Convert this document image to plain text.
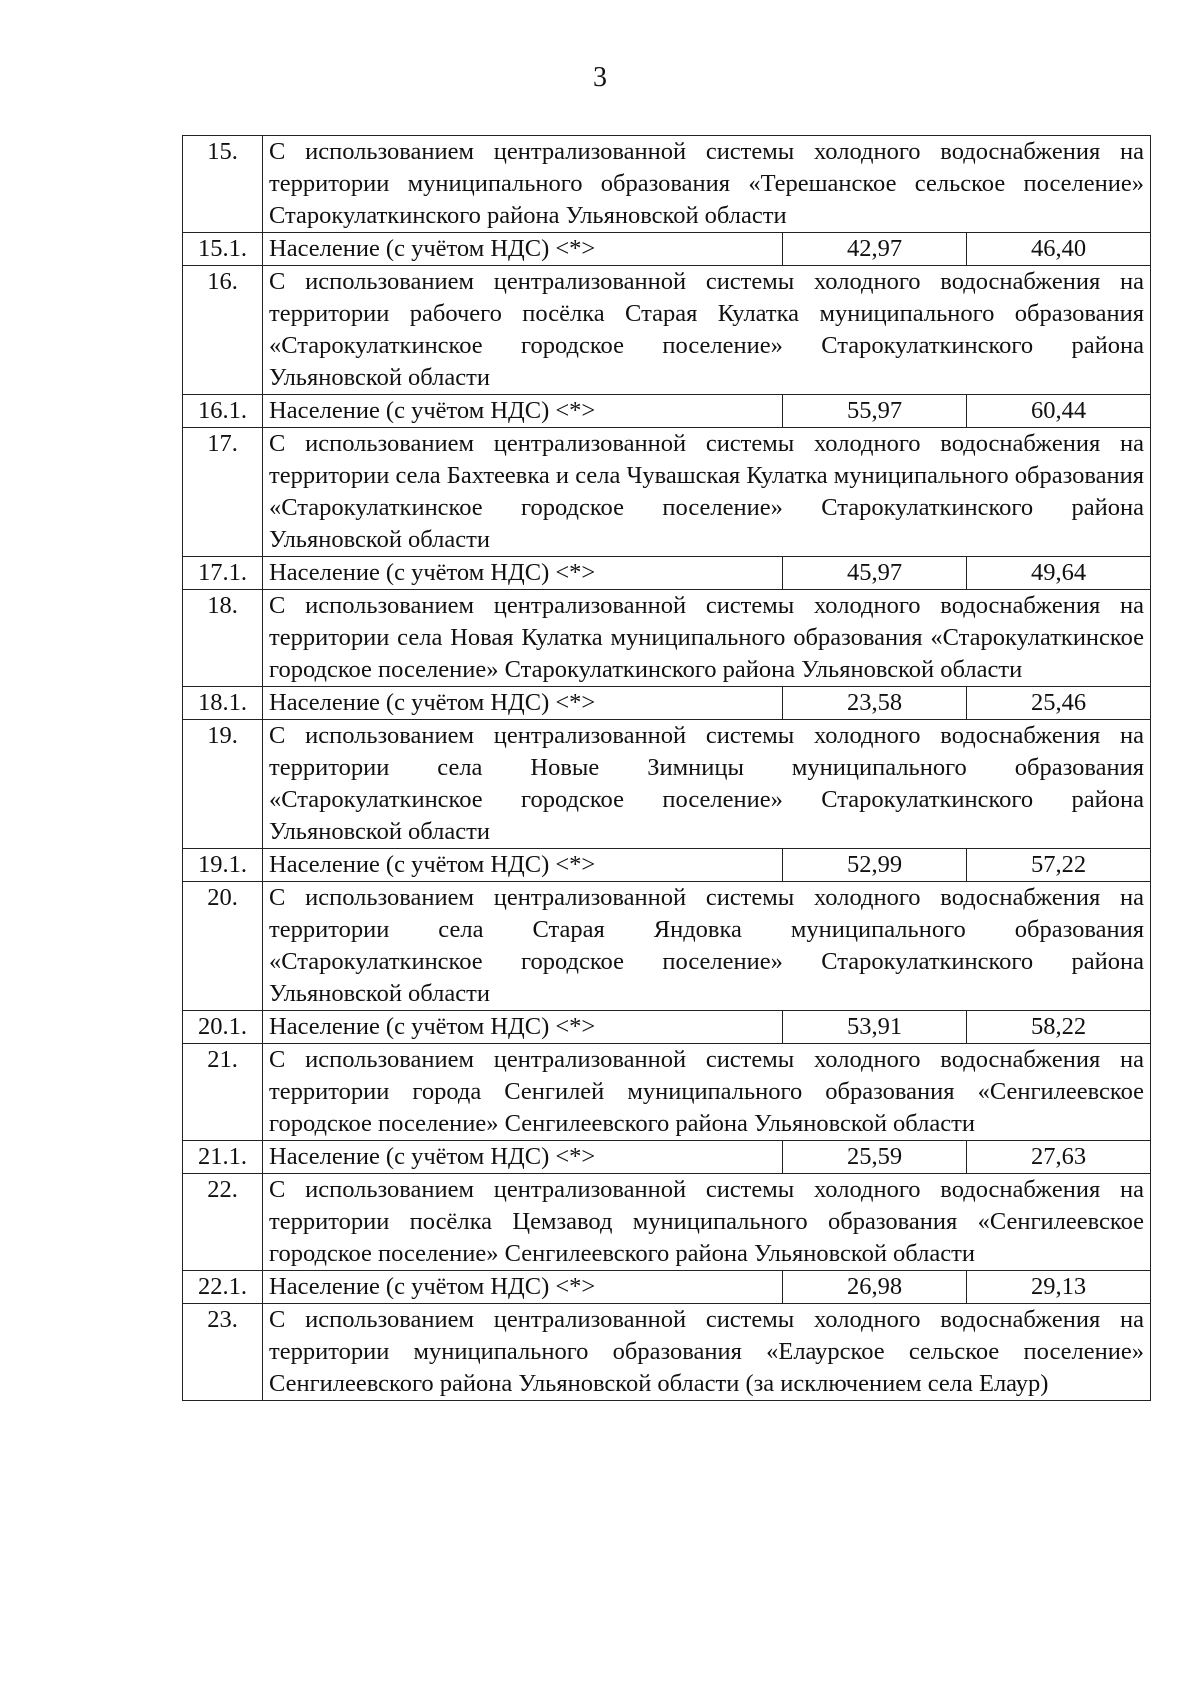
3
15.	С использованием централизованной системы холодного водоснабжения на территории муниципального образования «Терешанское сельское поселение» Старокулаткинского района Ульяновской области		
15.1.	Население (с учётом НДС) <*>	42,97	46,40
16.	С использованием централизованной системы холодного водоснабжения на территории рабочего посёлка Старая Кулатка муниципального образования «Старокулаткинское городское поселение» Старокулаткинского района Ульяновской области		
16.1.	Население (с учётом НДС) <*>	55,97	60,44
17.	С использованием централизованной системы холодного водоснабжения на территории села Бахтеевка и села Чувашская Кулатка муниципального образования «Старокулаткинское городское поселение» Старокулаткинского района Ульяновской области		
17.1.	Население (с учётом НДС) <*>	45,97	49,64
18.	С использованием централизованной системы холодного водоснабжения на территории села Новая Кулатка муниципального образования «Старокулаткинское городское поселение» Старокулаткинского района Ульяновской области		
18.1.	Население (с учётом НДС) <*>	23,58	25,46
19.	С использованием централизованной системы холодного водоснабжения на территории села Новые Зимницы муниципального образования «Старокулаткинское городское поселение» Старокулаткинского района Ульяновской области		
19.1.	Население (с учётом НДС) <*>	52,99	57,22
20.	С использованием централизованной системы холодного водоснабжения на территории села Старая Яндовка муниципального образования «Старокулаткинское городское поселение» Старокулаткинского района Ульяновской области		
20.1.	Население (с учётом НДС) <*>	53,91	58,22
21.	С использованием централизованной системы холодного водоснабжения на территории города Сенгилей муниципального образования «Сенгилеевское городское поселение» Сенгилеевского района Ульяновской области		
21.1.	Население (с учётом НДС) <*>	25,59	27,63
22.	С использованием централизованной системы холодного водоснабжения на территории посёлка Цемзавод муниципального образования «Сенгилеевское городское поселение» Сенгилеевского района Ульяновской области		
22.1.	Население (с учётом НДС) <*>	26,98	29,13
23.	С использованием централизованной системы холодного водоснабжения на территории муниципального образования «Елаурское сельское поселение» Сенгилеевского района Ульяновской области (за исключением села Елаур)		
